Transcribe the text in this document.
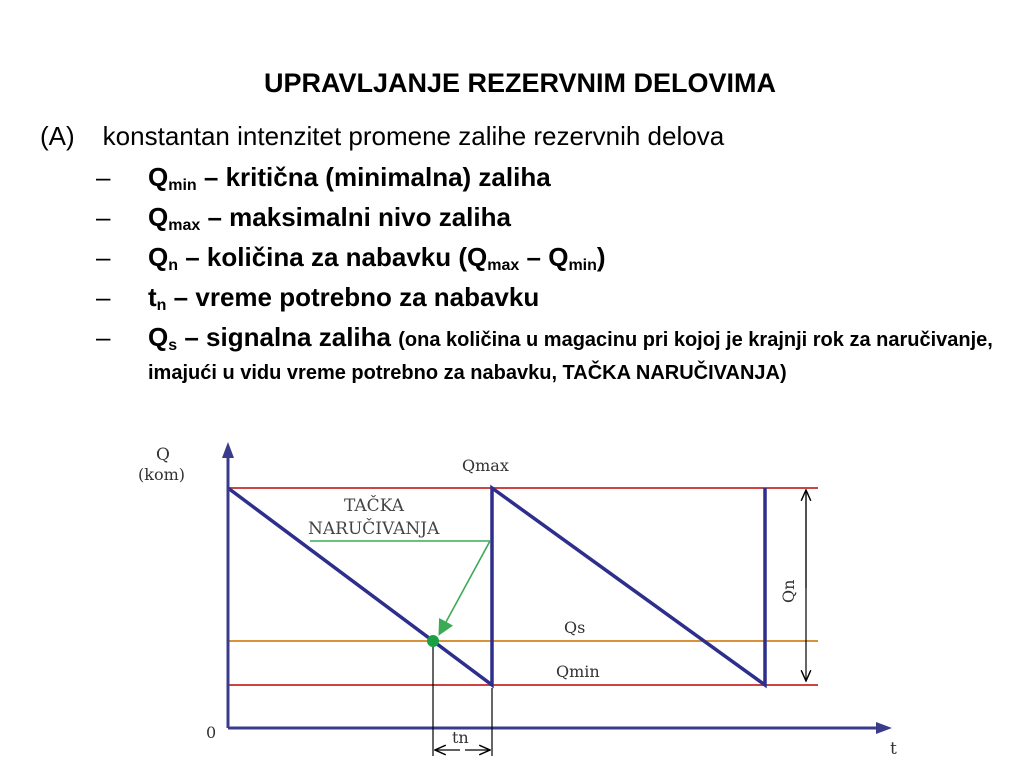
UPRAVLJANJE REZERVNIM DELOVIMA
(A) konstantan intenzitet promene zalihe rezervnih delova
–	$Q_{min}$ – kritična (minimalna) zaliha
–	$Q_{max}$ – maksimalni nivo zaliha
–	$Q_n$ – količina za nabavku $(Q_{max} - Q_{min})$
–	$t_n$ – vreme potrebno za nabavku
–	$Q_s$ – signalna zaliha (ona količina u magacinu pri kojoj je krajnji rok za naručivanje, imajući u vidu vreme potrebno za nabavku, TAČKA NARUČIVANJA)
Q
(kom)
0
t
Qmax
Qs
Qmin
Qn
tn
TAČKA
NARUČIVANJA
